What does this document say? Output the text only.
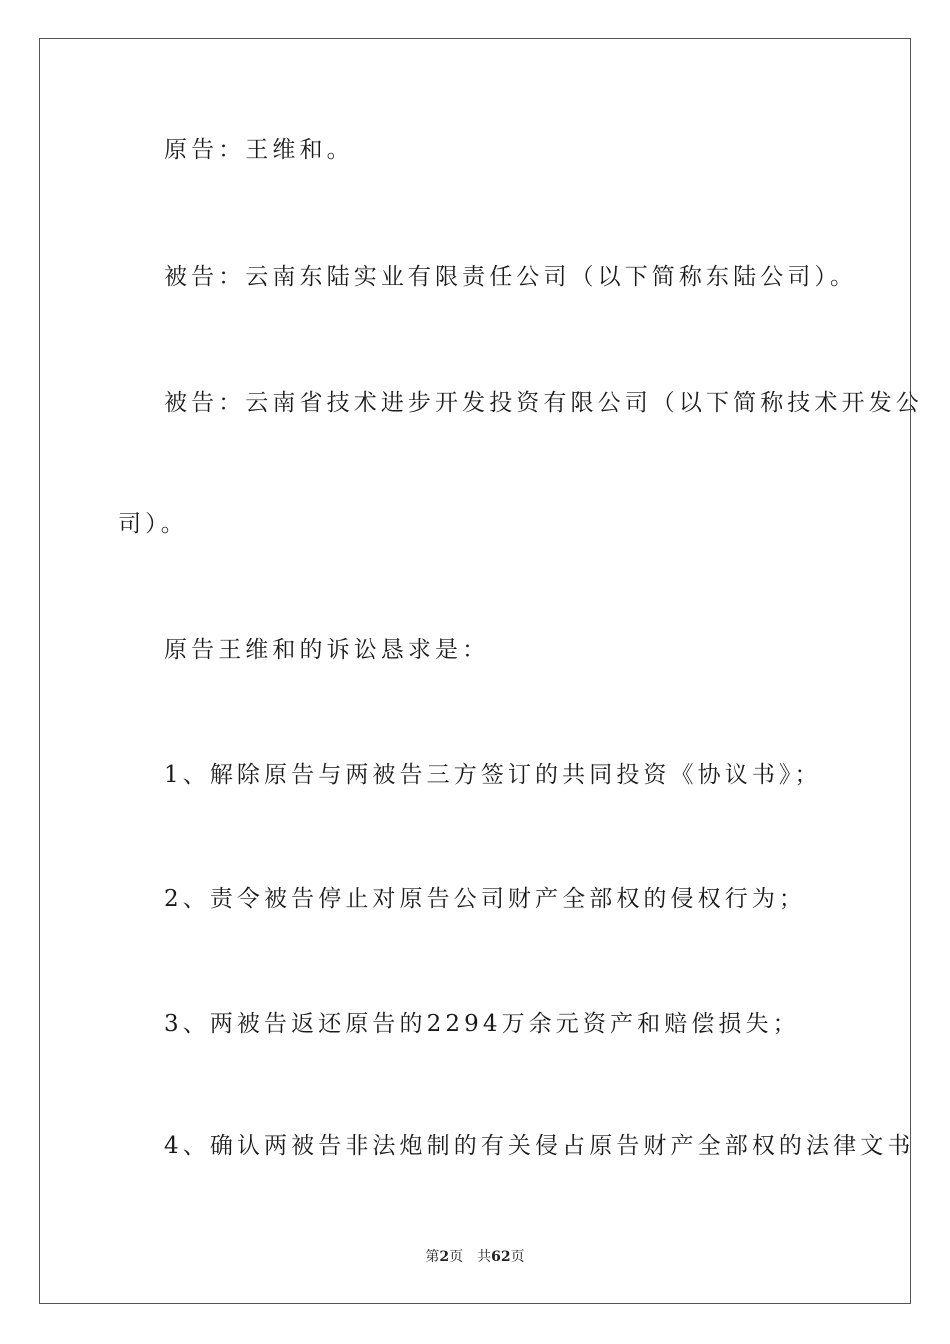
原告：王维和。
被告：云南东陆实业有限责任公司（以下简称东陆公司）。
被告：云南省技术进步开发投资有限公司（以下简称技术开发公
司）。
原告王维和的诉讼恳求是：
1、解除原告与两被告三方签订的共同投资《协议书》；
2、责令被告停止对原告公司财产全部权的侵权行为；
3、两被告返还原告的2294万余元资产和赔偿损失；
4、确认两被告非法炮制的有关侵占原告财产全部权的法律文书
第2页 共62页
